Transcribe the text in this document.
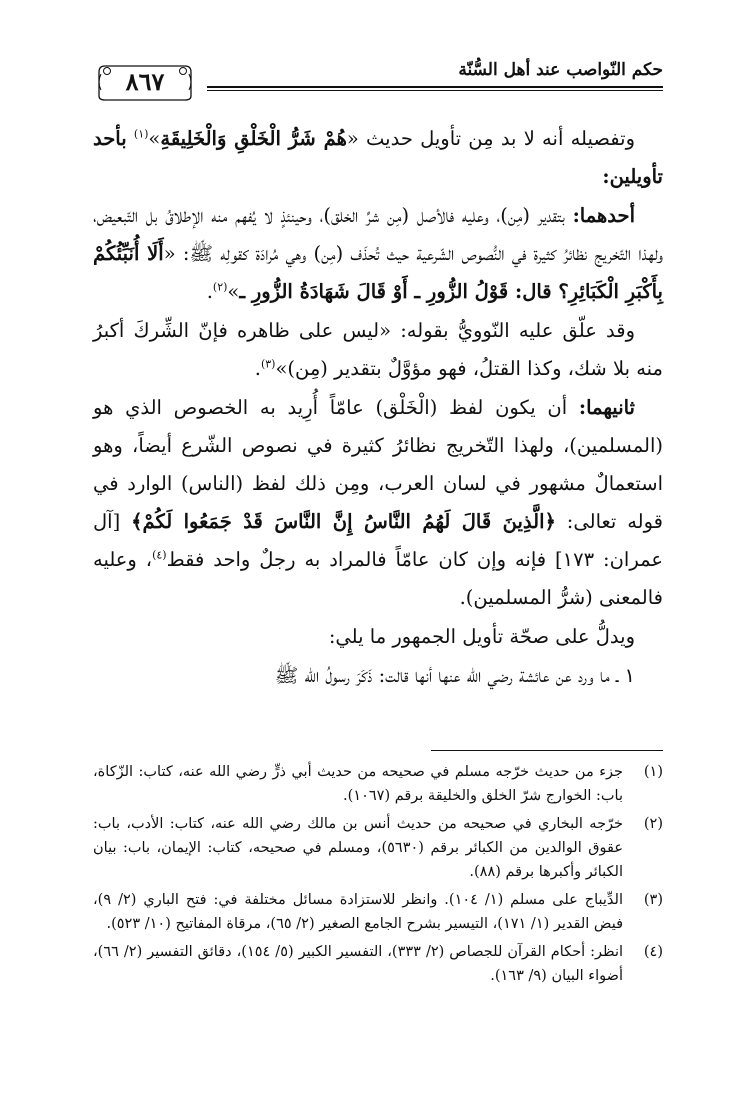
حكم النّواصب عند أهل السُّنّة
٨٦٧

وتفصيله أنه لا بد مِن تأويل حديث «هُمْ شَرُّ الْخَلْقِ وَالْخَلِيقَةِ»$^{(١)}$ بأحد تأويلين:

أحدهما: بتقدير (مِن)، وعليه فالأصل (مِن شرِّ الخلق)، وحينئذٍ لا يُفهم منه الإطلاقُ بل التّبعيض، ولهذا التّخريج نظائرُ كثيرة في النُّصوص الشّرعية حيث تُحذَف (مِن) وهي مُرادَة كقولِه ﷺ: «أَلَا أُنَبِّئُكُمْ بِأَكْبَرِ الْكَبَائِرِ؟ قال: قَوْلُ الزُّورِ ـ أَوْ قَالَ شَهَادَةُ الزُّورِ ـ»$^{(٢)}$.

وقد علّق عليه النّوويُّ بقوله: «ليس على ظاهره فإنّ الشِّركَ أكبرُ منه بلا شك، وكذا القتلُ، فهو مؤوَّلٌ بتقدير (مِن)»$^{(٣)}$.

ثانيهما: أن يكون لفظ (الْخَلْق) عامّاً أُرِيد به الخصوص الذي هو (المسلمين)، ولهذا التّخريج نظائرُ كثيرة في نصوص الشّرع أيضاً، وهو استعمالٌ مشهور في لسان العرب، ومِن ذلك لفظ (الناس) الوارد في قوله تعالى: ﴿الَّذِينَ قَالَ لَهُمُ النَّاسُ إِنَّ النَّاسَ قَدْ جَمَعُوا لَكُمْ﴾ [آل عمران: ١٧٣] فإنه وإن كان عامّاً فالمراد به رجلٌ واحد فقط$^{(٤)}$، وعليه فالمعنى (شرُّ المسلمين).

ويدلُّ على صحّة تأويل الجمهور ما يلي:

١ ـ ما ورد عن عائشة رضي الله عنها أنها قالت: ذَكَرَ رسولُ الله ﷺ

(١)
جزء من حديث خرّجه مسلم في صحيحه من حديث أبي ذرٍّ رضي الله عنه، كتاب: الزّكاة، باب: الخوارج شرّ الخلق والخليقة برقم (١٠٦٧).
(٢)
خرّجه البخاري في صحيحه من حديث أنس بن مالك رضي الله عنه، كتاب: الأدب، باب: عقوق الوالدين من الكبائر برقم (٥٦٣٠)، ومسلم في صحيحه، كتاب: الإيمان، باب: بيان الكبائر وأكبرها برقم (٨٨).
(٣)
الدِّيباج على مسلم (١/ ١٠٤). وانظر للاستزادة مسائل مختلفة في: فتح الباري (٢/ ٩)، فيض القدير (١/ ١٧١)، التيسير بشرح الجامع الصغير (٢/ ٦٥)، مرقاة المفاتيح (١٠/ ٥٢٣).
(٤)
انظر: أحكام القرآن للجصاص (٢/ ٣٣٣)، التفسير الكبير (٥/ ١٥٤)، دقائق التفسير (٢/ ٦٦)، أضواء البيان (٩/ ١٦٣).
